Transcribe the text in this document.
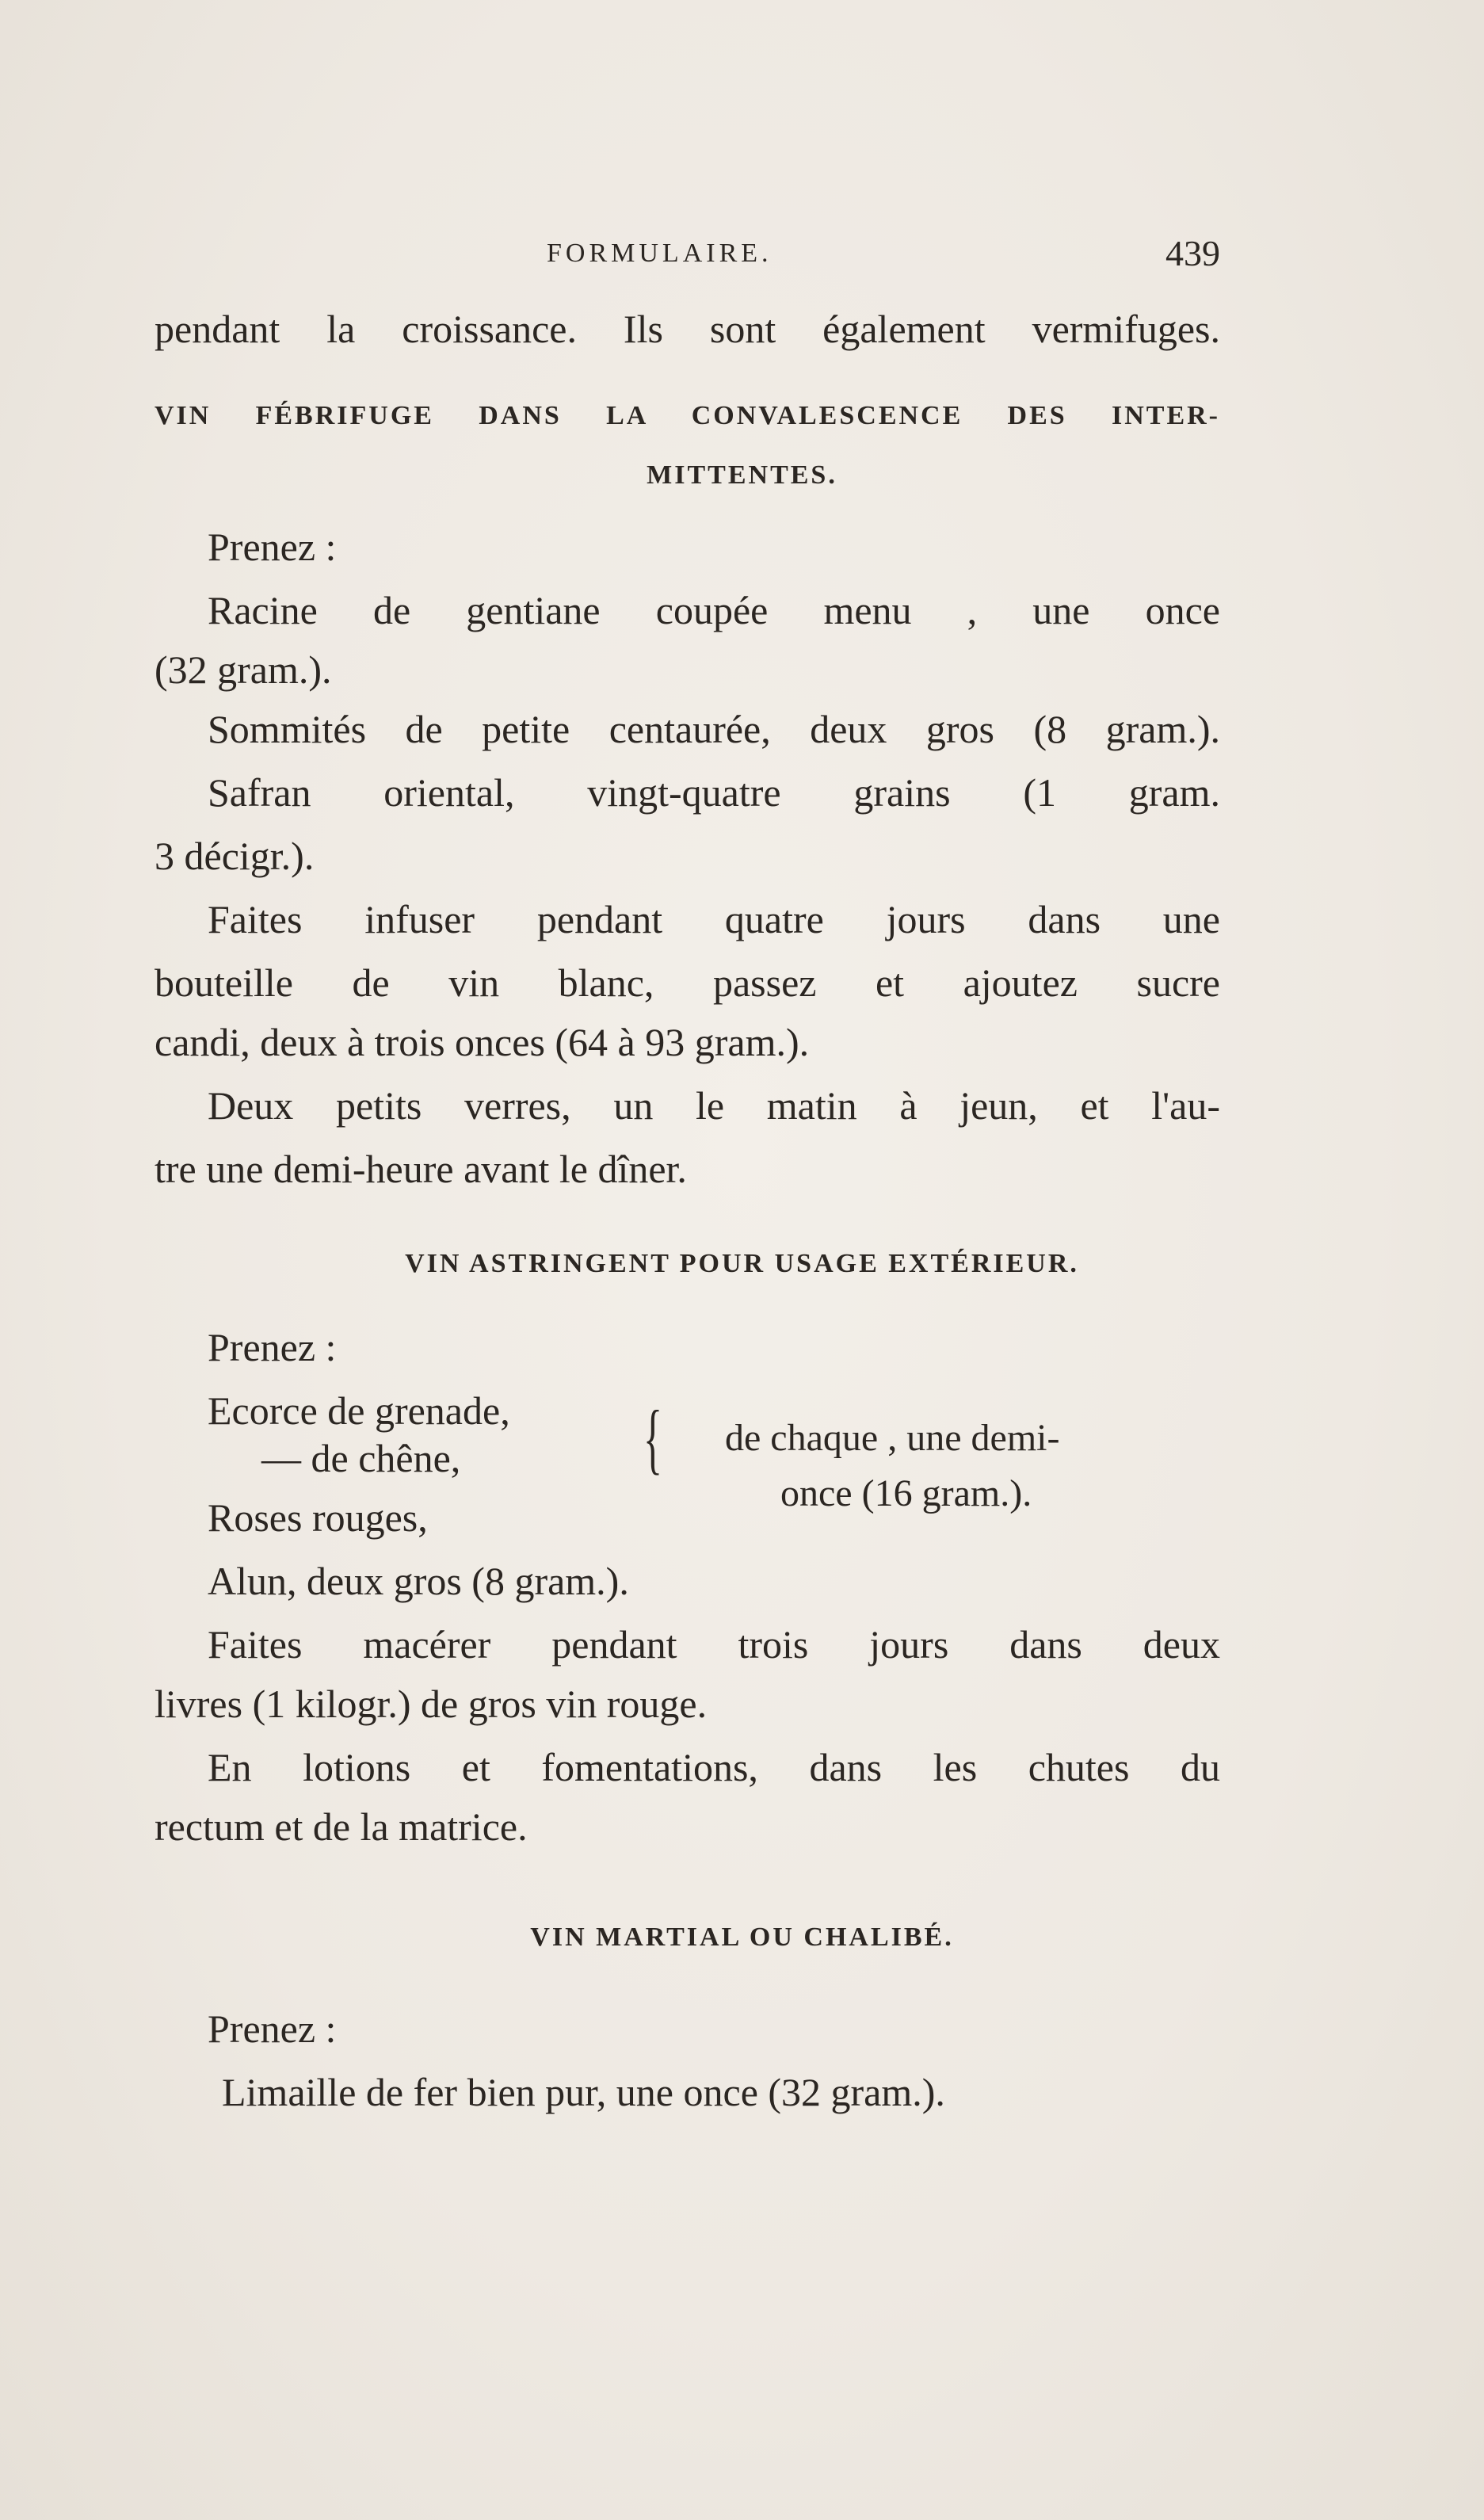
FORMULAIRE.	439
pendant la croissance. Ils sont également vermifuges.
VIN FÉBRIFUGE DANS LA CONVALESCENCE DES INTER-
MITTENTES.
Prenez :
Racine de gentiane coupée menu , une once
(32 gram.).
Sommités de petite centaurée, deux gros (8 gram.).
Safran oriental, vingt-quatre grains (1 gram.
3 décigr.).
Faites infuser pendant quatre jours dans une
bouteille de vin blanc, passez et ajoutez sucre
candi, deux à trois onces (64 à 93 gram.).
Deux petits verres, un le matin à jeun, et l'au-
tre une demi-heure avant le dîner.
VIN ASTRINGENT POUR USAGE EXTÉRIEUR.
Prenez :
Ecorce de grenade,
— de chêne,
Roses rouges,
{ de chaque , une demi-
once (16 gram.).
Alun, deux gros (8 gram.).
Faites macérer pendant trois jours dans deux
livres (1 kilogr.) de gros vin rouge.
En lotions et fomentations, dans les chutes du
rectum et de la matrice.
VIN MARTIAL OU CHALIBÉ.
Prenez :
Limaille de fer bien pur, une once (32 gram.).
